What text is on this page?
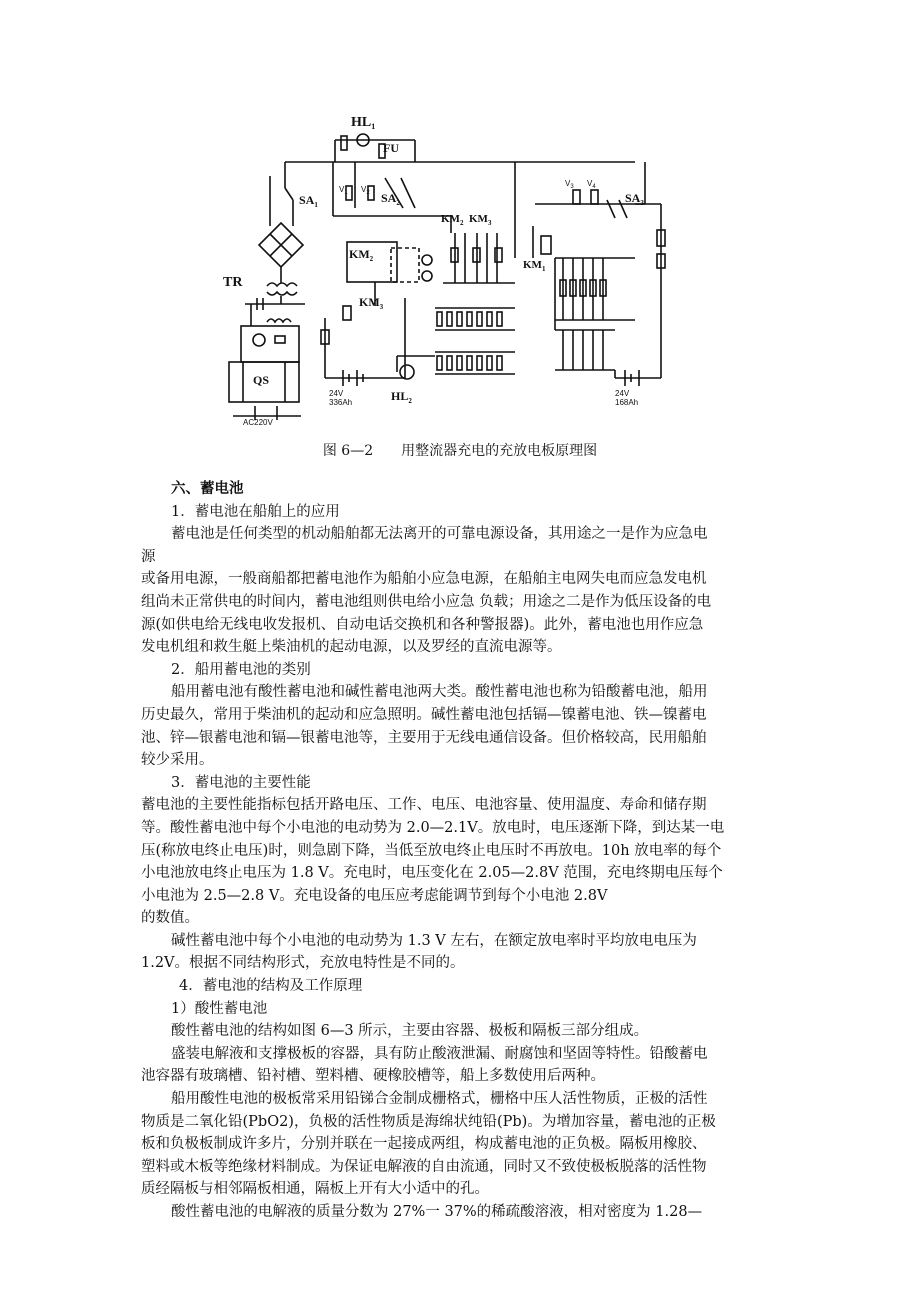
$HL_1$
FU
$SA_1$	$SA_2$	$SA_3$
$V_1$ $V_2$
$V_3$ $V_4$
$KM_2$ $KM_3$
$KM_2$
$KM_3$
$KM_1$
TR
QS
AC220V
$HL_2$
24V
336Ah
24V
168Ah
图 6—2 用整流器充电的充放电板原理图
六、蓄电池
1．蓄电池在船舶上的应用
蓄电池是任何类型的机动船舶都无法离开的可靠电源设备，其用途之一是作为应急电
源
或备用电源，一般商船都把蓄电池作为船舶小应急电源，在船舶主电网失电而应急发电机
组尚未正常供电的时间内，蓄电池组则供电给小应急 负载；用途之二是作为低压设备的电
源(如供电给无线电收发报机、自动电话交换机和各种警报器)。此外，蓄电池也用作应急
发电机组和救生艇上柴油机的起动电源，以及罗经的直流电源等。
2．船用蓄电池的类别
船用蓄电池有酸性蓄电池和碱性蓄电池两大类。酸性蓄电池也称为铅酸蓄电池，船用
历史最久，常用于柴油机的起动和应急照明。碱性蓄电池包括镉—镍蓄电池、铁—镍蓄电
池、锌—银蓄电池和镉—银蓄电池等，主要用于无线电通信设备。但价格较高，民用船舶
较少采用。
3．蓄电池的主要性能
蓄电池的主要性能指标包括开路电压、工作、电压、电池容量、使用温度、寿命和储存期
等。酸性蓄电池中每个小电池的电动势为 2.0—2.1V。放电时，电压逐渐下降，到达某一电
压(称放电终止电压)时，则急剧下降，当低至放电终止电压时不再放电。10h 放电率的每个
小电池放电终止电压为 1.8 V。充电时，电压变化在 2.05—2.8V 范围，充电终期电压每个
小电池为 2.5—2.8 V。充电设备的电压应考虑能调节到每个小电池 2.8V
的数值。
碱性蓄电池中每个小电池的电动势为 1.3 V 左右，在额定放电率时平均放电电压为
1.2V。根据不同结构形式，充放电特性是不同的。
4．蓄电池的结构及工作原理
1）酸性蓄电池
酸性蓄电池的结构如图 6—3 所示，主要由容器、极板和隔板三部分组成。
盛装电解液和支撑极板的容器，具有防止酸液泄漏、耐腐蚀和坚固等特性。铅酸蓄电
池容器有玻璃槽、铅衬槽、塑料槽、硬橡胶槽等，船上多数使用后两种。
船用酸性电池的极板常采用铅锑合金制成栅格式，栅格中压人活性物质，正极的活性
物质是二氧化铅(PbO2)，负极的活性物质是海绵状纯铅(Pb)。为增加容量，蓄电池的正极
板和负极板制成许多片，分别并联在一起接成两组，构成蓄电池的正负极。隔板用橡胶、
塑料或木板等绝缘材料制成。为保证电解液的自由流通，同时又不致使极板脱落的活性物
质经隔板与相邻隔板相通，隔板上开有大小适中的孔。
酸性蓄电池的电解液的质量分数为 27%一 37%的稀疏酸溶液，相对密度为 1.28—
